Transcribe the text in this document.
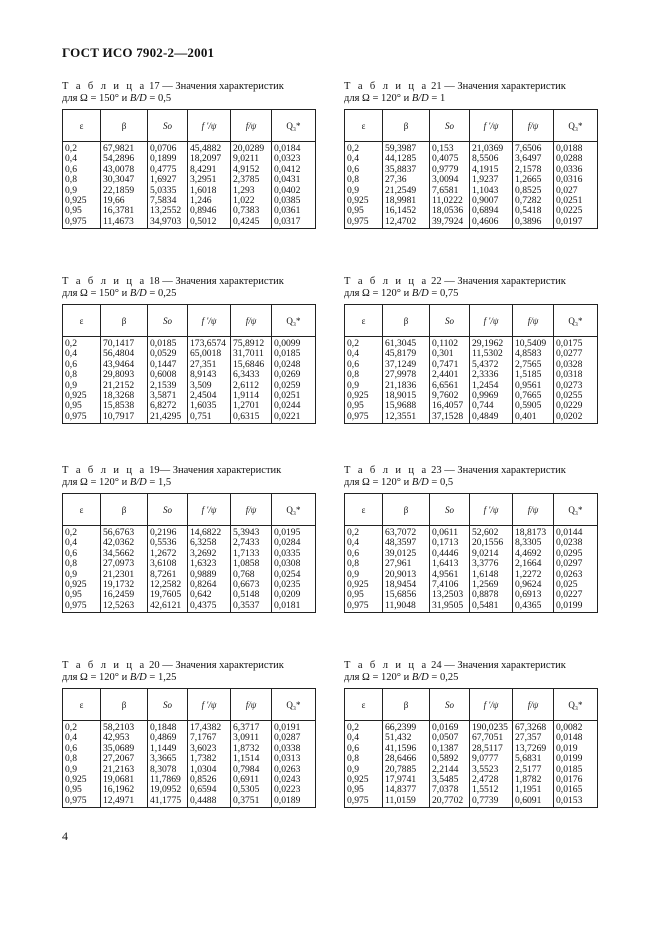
ГОСТ ИСО 7902-2—2001
Т а б л и ц а 17 — Значения характеристик
для Ω = 150° и B/D = 0,5
ε	β	So	f ′/ψ	f/ψ	Q₃*
0,2	67,9821	0,0706	45,4882	20,0289	0,0184
0,4	54,2896	0,1899	18,2097	9,0211	0,0323
0,6	43,0078	0,4775	8,4291	4,9152	0,0412
0,8	30,3047	1,6927	3,2951	2,3785	0,0431
0,9	22,1859	5,0335	1,6018	1,293	0,0402
0,925	19,66	7,5834	1,246	1,022	0,0385
0,95	16,3781	13,2552	0,8946	0,7383	0,0361
0,975	11,4673	34,9703	0,5012	0,4245	0,0317
Т а б л и ц а 21 — Значения характеристик
для Ω = 120° и B/D = 1
ε	β	So	f ′/ψ	f/ψ	Q₃*
0,2	59,3987	0,153	21,0369	7,6506	0,0188
0,4	44,1285	0,4075	8,5506	3,6497	0,0288
0,6	35,8837	0,9779	4,1915	2,1578	0,0336
0,8	27,36	3,0094	1,9237	1,2665	0,0316
0,9	21,2549	7,6581	1,1043	0,8525	0,027
0,925	18,9981	11,0222	0,9007	0,7282	0,0251
0,95	16,1452	18,0536	0,6894	0,5418	0,0225
0,975	12,4702	39,7924	0,4606	0,3896	0,0197
Т а б л и ц а 18 — Значения характеристик
для Ω = 150° и B/D = 0,25
ε	β	So	f ′/ψ	f/ψ	Q₃*
0,2	70,1417	0,0185	173,6574	75,8912	0,0099
0,4	56,4804	0,0529	65,0018	31,7011	0,0185
0,6	43,9464	0,1447	27,351	15,6846	0,0248
0,8	29,8093	0,6008	8,9143	6,3433	0,0269
0,9	21,2152	2,1539	3,509	2,6112	0,0259
0,925	18,3268	3,5871	2,4504	1,9114	0,0251
0,95	15,8538	6,8272	1,6035	1,2701	0,0244
0,975	10,7917	21,4295	0,751	0,6315	0,0221
Т а б л и ц а 22 — Значения характеристик
для Ω = 120° и B/D = 0,75
ε	β	So	f ′/ψ	f/ψ	Q₃*
0,2	61,3045	0,1102	29,1962	10,5409	0,0175
0,4	45,8179	0,301	11,5302	4,8583	0,0277
0,6	37,1249	0,7471	5,4372	2,7565	0,0328
0,8	27,9978	2,4401	2,3336	1,5185	0,0318
0,9	21,1836	6,6561	1,2454	0,9561	0,0273
0,925	18,9015	9,7602	0,9969	0,7665	0,0255
0,95	15,9688	16,4057	0,744	0,5905	0,0229
0,975	12,3551	37,1528	0,4849	0,401	0,0202
Т а б л и ц а 19— Значения характеристик
для Ω = 120° и B/D = 1,5
ε	β	So	f ′/ψ	f/ψ	Q₃*
0,2	56,6763	0,2196	14,6822	5,3943	0,0195
0,4	42,0362	0,5536	6,3258	2,7433	0,0284
0,6	34,5662	1,2672	3,2692	1,7133	0,0335
0,8	27,0973	3,6108	1,6323	1,0858	0,0308
0,9	21,2301	8,7261	0,9889	0,768	0,0254
0,925	19,1732	12,2582	0,8264	0,6673	0,0235
0,95	16,2459	19,7605	0,642	0,5148	0,0209
0,975	12,5263	42,6121	0,4375	0,3537	0,0181
Т а б л и ц а 23 — Значения характеристик
для Ω = 120° и B/D = 0,5
ε	β	So	f ′/ψ	f/ψ	Q₃*
0,2	63,7072	0,0611	52,602	18,8173	0,0144
0,4	48,3597	0,1713	20,1556	8,3305	0,0238
0,6	39,0125	0,4446	9,0214	4,4692	0,0295
0,8	27,961	1,6413	3,3776	2,1664	0,0297
0,9	20,9013	4,9561	1,6148	1,2272	0,0263
0,925	18,9454	7,4106	1,2569	0,9624	0,025
0,95	15,6856	13,2503	0,8878	0,6913	0,0227
0,975	11,9048	31,9505	0,5481	0,4365	0,0199
Т а б л и ц а 20 — Значения характеристик
для Ω = 120° и B/D = 1,25
ε	β	So	f ′/ψ	f/ψ	Q₃*
0,2	58,2103	0,1848	17,4382	6,3717	0,0191
0,4	42,953	0,4869	7,1767	3,0911	0,0287
0,6	35,0689	1,1449	3,6023	1,8732	0,0338
0,8	27,2067	3,3665	1,7382	1,1514	0,0313
0,9	21,2163	8,3078	1,0304	0,7984	0,0263
0,925	19,0681	11,7869	0,8526	0,6911	0,0243
0,95	16,1962	19,0952	0,6594	0,5305	0,0223
0,975	12,4971	41,1775	0,4488	0,3751	0,0189
Т а б л и ц а 24 — Значения характеристик
для Ω = 120° и B/D = 0,25
ε	β	So	f ′/ψ	f/ψ	Q₃*
0,2	66,2399	0,0169	190,0235	67,3268	0,0082
0,4	51,432	0,0507	67,7051	27,357	0,0148
0,6	41,1596	0,1387	28,5117	13,7269	0,019
0,8	28,6466	0,5892	9,0777	5,6831	0,0199
0,9	20,7885	2,2144	3,5523	2,5177	0,0185
0,925	17,9741	3,5485	2,4728	1,8782	0,0176
0,95	14,8377	7,0378	1,5512	1,1951	0,0165
0,975	11,0159	20,7702	0,7739	0,6091	0,0153
4
